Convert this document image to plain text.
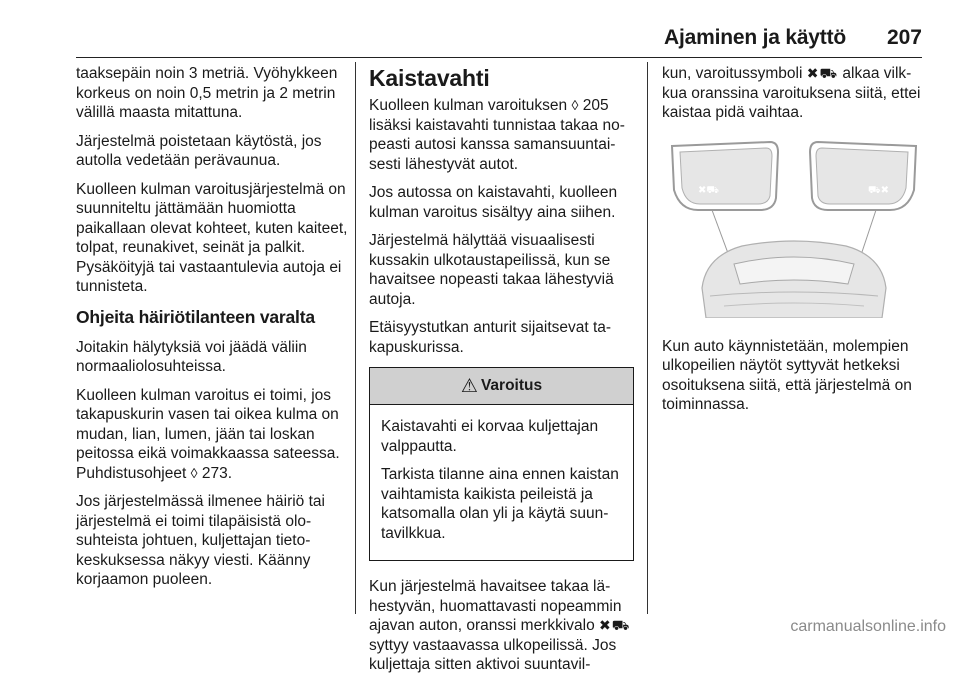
Ajaminen ja käyttö 207

taaksepäin noin 3 metriä. Vyöhykkeen korkeus on noin 0,5 metrin ja 2 metrin välillä maasta mitattuna.

Järjestelmä poistetaan käytöstä, jos autolla vedetään perävaunua.

Kuolleen kulman varoitusjärjestelmä on suunniteltu jättämään huomiotta paikallaan olevat kohteet, kuten kaiteet, tolpat, reunakivet, seinät ja palkit. Pysäköityjä tai vastaantulevia autoja ei tunnisteta.

Ohjeita häiriötilanteen varalta

Joitakin hälytyksiä voi jäädä väliin normaaliolosuhteissa.

Kuolleen kulman varoitus ei toimi, jos takapuskurin vasen tai oikea kulma on mudan, lian, lumen, jään tai loskan peitossa eikä voimakkaassa sateessa. Puhdistusohjeet ◊ 273.

Jos järjestelmässä ilmenee häiriö tai järjestelmä ei toimi tilapäisistä olosuhteista johtuen, kuljettajan tietokeskuksessa näkyy viesti. Käänny korjaamon puoleen.

Kaistavahti

Kuolleen kulman varoituksen ◊ 205 lisäksi kaistavahti tunnistaa takaa nopeasti autosi kanssa samansuuntaisesti lähestyvät autot.

Jos autossa on kaistavahti, kuolleen kulman varoitus sisältyy aina siihen.

Järjestelmä hälyttää visuaalisesti kussakin ulkotaustapeilissä, kun se havaitsee nopeasti takaa lähestyviä autoja.

Etäisyystutkan anturit sijaitsevat takapuskurissa.

⚠ Varoitus

Kaistavahti ei korvaa kuljettajan valppautta.

Tarkista tilanne aina ennen kaistan vaihtamista kaikista peileistä ja katsomalla olan yli ja käytä suuntavilkkua.

Kun järjestelmä havaitsee takaa lähestyvän, huomattavasti nopeammin ajavan auton, oranssi merkkivalo ✖⛟ syttyy vastaavassa ulkopeilissä. Jos kuljettaja sitten aktivoi suuntavil-

kun, varoitussymboli ✖⛟ alkaa vilkkua oranssina varoituksena siitä, ettei kaistaa pidä vaihtaa.

✖⛟	⛟✖

Kun auto käynnistetään, molempien ulkopeilien näytöt syttyvät hetkeksi osoituksena siitä, että järjestelmä on toiminnassa.

carmanualsonline.info
